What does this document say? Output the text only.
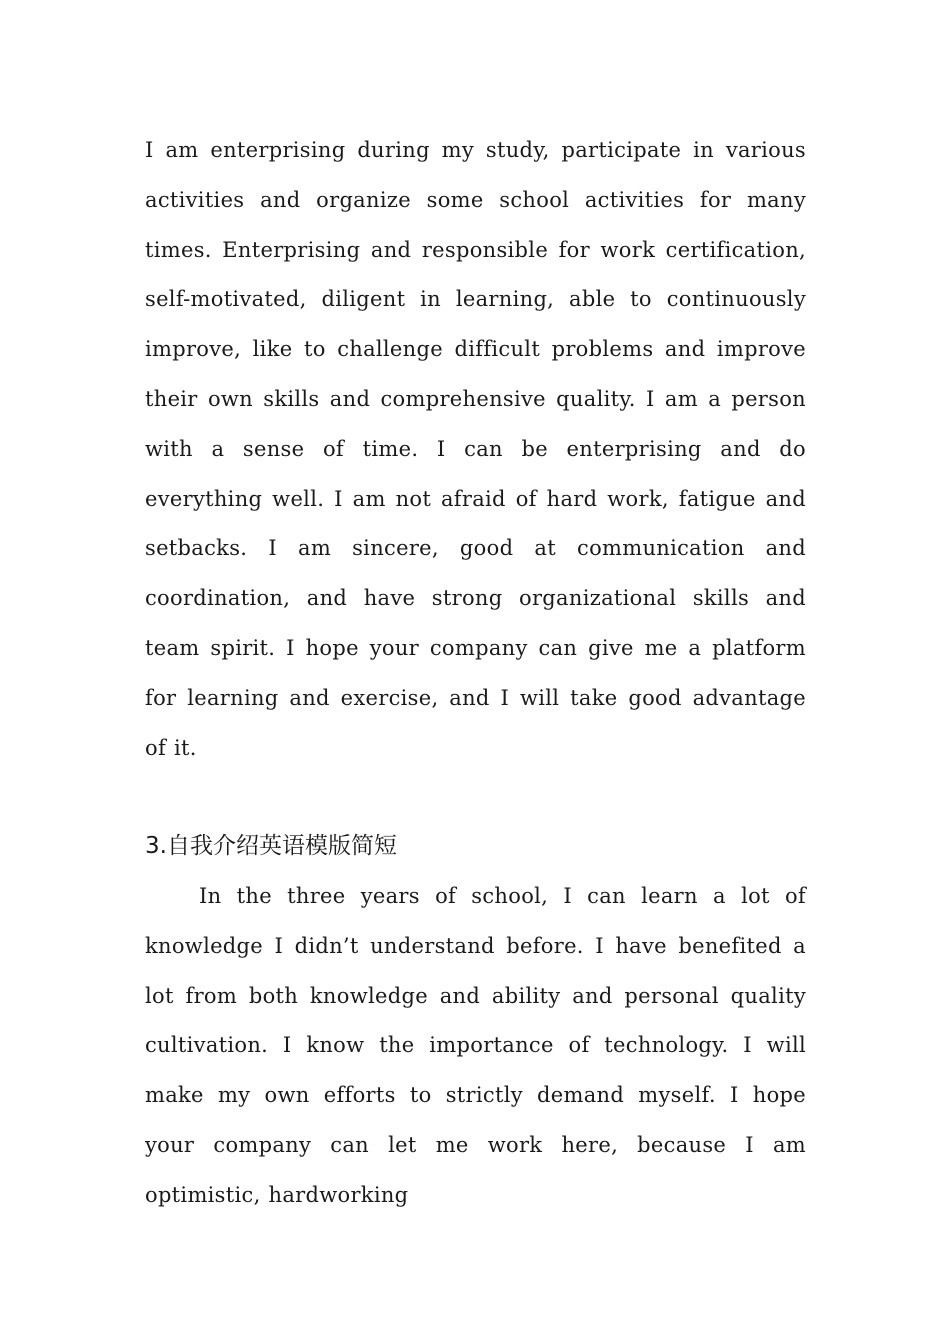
I am enterprising during my study, participate in various activities and organize some school activities for many times. Enterprising and responsible for work certification, self-motivated, diligent in learning, able to continuously improve, like to challenge difficult problems and improve their own skills and comprehensive quality. I am a person with a sense of time. I can be enterprising and do everything well. I am not afraid of hard work, fatigue and setbacks. I am sincere, good at communication and coordination, and have strong organizational skills and team spirit. I hope your company can give me a platform for learning and exercise, and I will take good advantage of it.
3.自我介绍英语模版简短
In the three years of school, I can learn a lot of knowledge I didn’t understand before. I have benefited a lot from both knowledge and ability and personal quality cultivation. I know the importance of technology. I will make my own efforts to strictly demand myself. I hope your company can let me work here, because I am optimistic, hardworking
